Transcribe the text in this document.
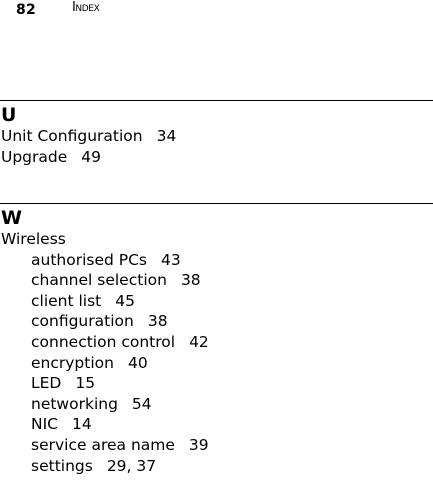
82	Index
U
Unit Configuration 34
Upgrade 49
W
Wireless
authorised PCs 43
channel selection 38
client list 45
configuration 38
connection control 42
encryption 40
LED 15
networking 54
NIC 14
service area name 39
settings 29, 37
